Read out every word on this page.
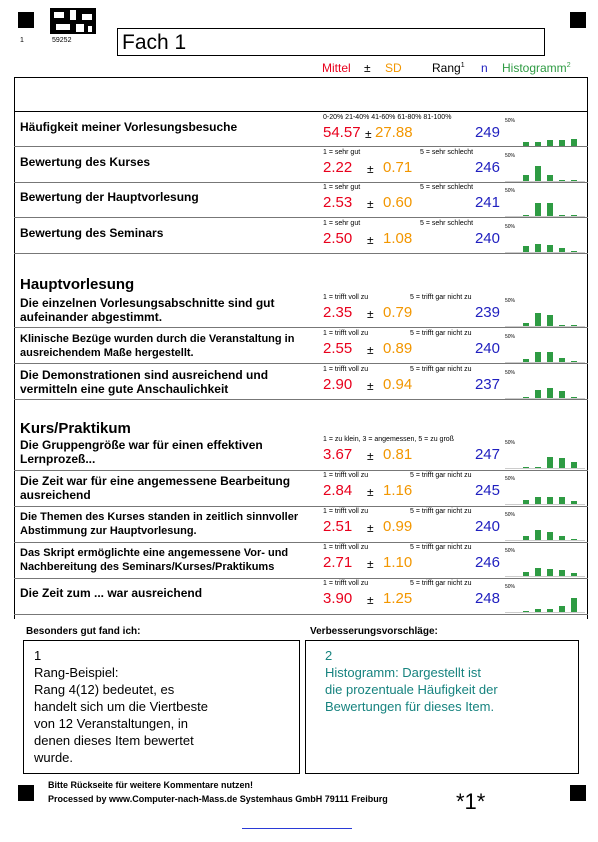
1	59252 Fach 1
Mittel ± SD	Rang$^1$ n Histogramm$^2$
Hauptvorlesung
Kurs/Praktikum
Häufigkeit meiner Vorlesungsbesuche
0-20% 21-40% 41-60% 61-80% 81-100%
54.57 ± 27.88	249
50%
Bewertung des Kurses
1 = sehr gut	5 = sehr schlecht
2.22 ± 0.71	246
50%
Bewertung der Hauptvorlesung
1 = sehr gut	5 = sehr schlecht
2.53 ± 0.60	241
50%
Bewertung des Seminars
1 = sehr gut	5 = sehr schlecht
2.50 ± 1.08	240
50%
Die einzelnen Vorlesungsabschnitte sind gut aufeinander abgestimmt.
1 = trifft voll zu	5 = trifft gar nicht zu
2.35 ± 0.79	239
50%
Klinische Bezüge wurden durch die Veranstaltung in ausreichendem Maße hergestellt.
1 = trifft voll zu	5 = trifft gar nicht zu
2.55 ± 0.89	240
50%
Die Demonstrationen sind ausreichend und vermitteln eine gute Anschaulichkeit
1 = trifft voll zu	5 = trifft gar nicht zu
2.90 ± 0.94	237
50%
Die Gruppengröße war für einen effektiven Lernprozeß...
1 = zu klein, 3 = angemessen, 5 = zu groß
3.67 ± 0.81	247
50%
Die Zeit war für eine angemessene Bearbeitung ausreichend
1 = trifft voll zu	5 = trifft gar nicht zu
2.84 ± 1.16	245
50%
Die Themen des Kurses standen in zeitlich sinnvoller Abstimmung zur Hauptvorlesung.
1 = trifft voll zu	5 = trifft gar nicht zu
2.51 ± 0.99	240
50%
Das Skript ermöglichte eine angemessene Vor- und Nachbereitung des Seminars/Kurses/Praktikums
1 = trifft voll zu	5 = trifft gar nicht zu
2.71 ± 1.10	246
50%
Die Zeit zum ... war ausreichend
1 = trifft voll zu	5 = trifft gar nicht zu
3.90 ± 1.25	248
50%
Besonders gut fand ich:	Verbesserungsvorschläge:
1
Rang-Beispiel:
Rang 4(12) bedeutet, es
handelt sich um die Viertbeste
von 12 Veranstaltungen, in
denen dieses Item bewertet
wurde.
2
Histogramm: Dargestellt ist
die prozentuale Häufigkeit der
Bewertungen für dieses Item.
Bitte Rückseite für weitere Kommentare nutzen!
Processed by www.Computer-nach-Mass.de Systemhaus GmbH 79111 Freiburg	*1*
